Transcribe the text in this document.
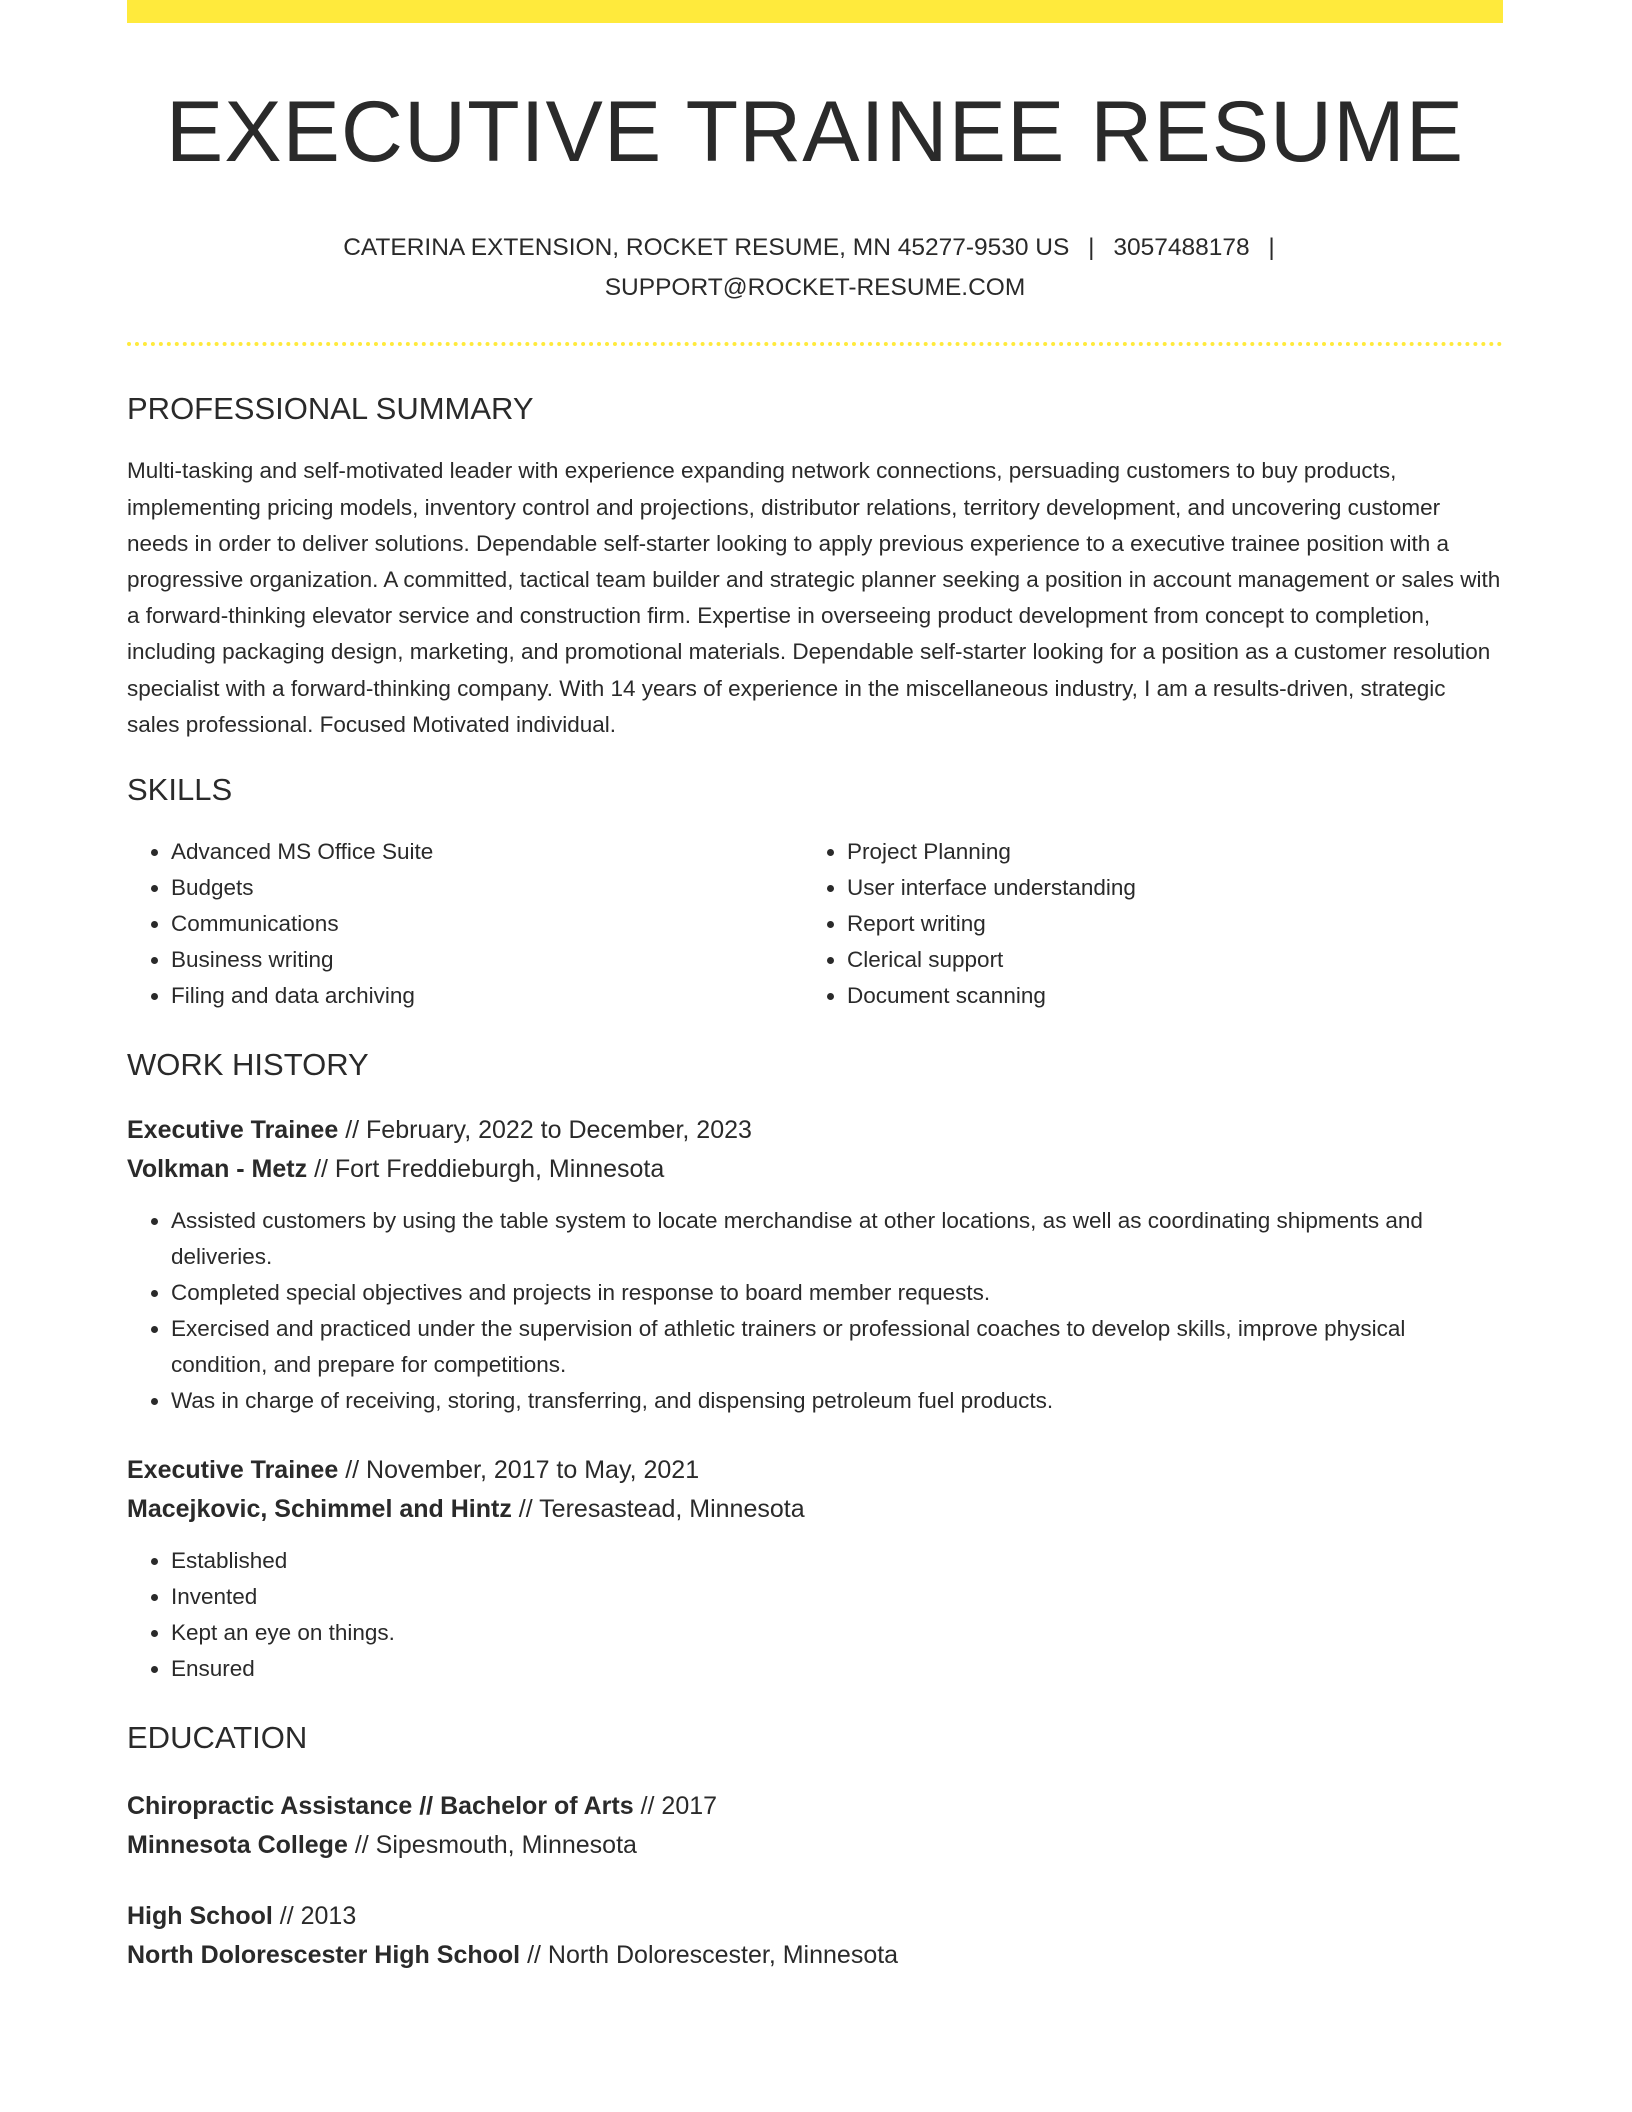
EXECUTIVE TRAINEE RESUME
CATERINA EXTENSION, ROCKET RESUME, MN 45277-9530 US | 3057488178 |
SUPPORT@ROCKET-RESUME.COM
PROFESSIONAL SUMMARY

Multi-tasking and self-motivated leader with experience expanding network connections, persuading customers to buy products, implementing pricing models, inventory control and projections, distributor relations, territory development, and uncovering customer needs in order to deliver solutions. Dependable self-starter looking to apply previous experience to a executive trainee position with a progressive organization. A committed, tactical team builder and strategic planner seeking a position in account management or sales with a forward-thinking elevator service and construction firm. Expertise in overseeing product development from concept to completion, including packaging design, marketing, and promotional materials. Dependable self-starter looking for a position as a customer resolution specialist with a forward-thinking company. With 14 years of experience in the miscellaneous industry, I am a results-driven, strategic sales professional. Focused Motivated individual.

SKILLS
• Advanced MS Office Suite
• Budgets
• Communications
• Business writing
• Filing and data archiving
• Project Planning
• User interface understanding
• Report writing
• Clerical support
• Document scanning
WORK HISTORY
Executive Trainee // February, 2022 to December, 2023
Volkman - Metz // Fort Freddieburgh, Minnesota
• Assisted customers by using the table system to locate merchandise at other locations, as well as coordinating shipments and deliveries.
• Completed special objectives and projects in response to board member requests.
• Exercised and practiced under the supervision of athletic trainers or professional coaches to develop skills, improve physical condition, and prepare for competitions.
• Was in charge of receiving, storing, transferring, and dispensing petroleum fuel products.
Executive Trainee // November, 2017 to May, 2021
Macejkovic, Schimmel and Hintz // Teresastead, Minnesota
• Established
• Invented
• Kept an eye on things.
• Ensured
EDUCATION
Chiropractic Assistance // Bachelor of Arts // 2017
Minnesota College // Sipesmouth, Minnesota
High School // 2013
North Dolorescester High School // North Dolorescester, Minnesota
